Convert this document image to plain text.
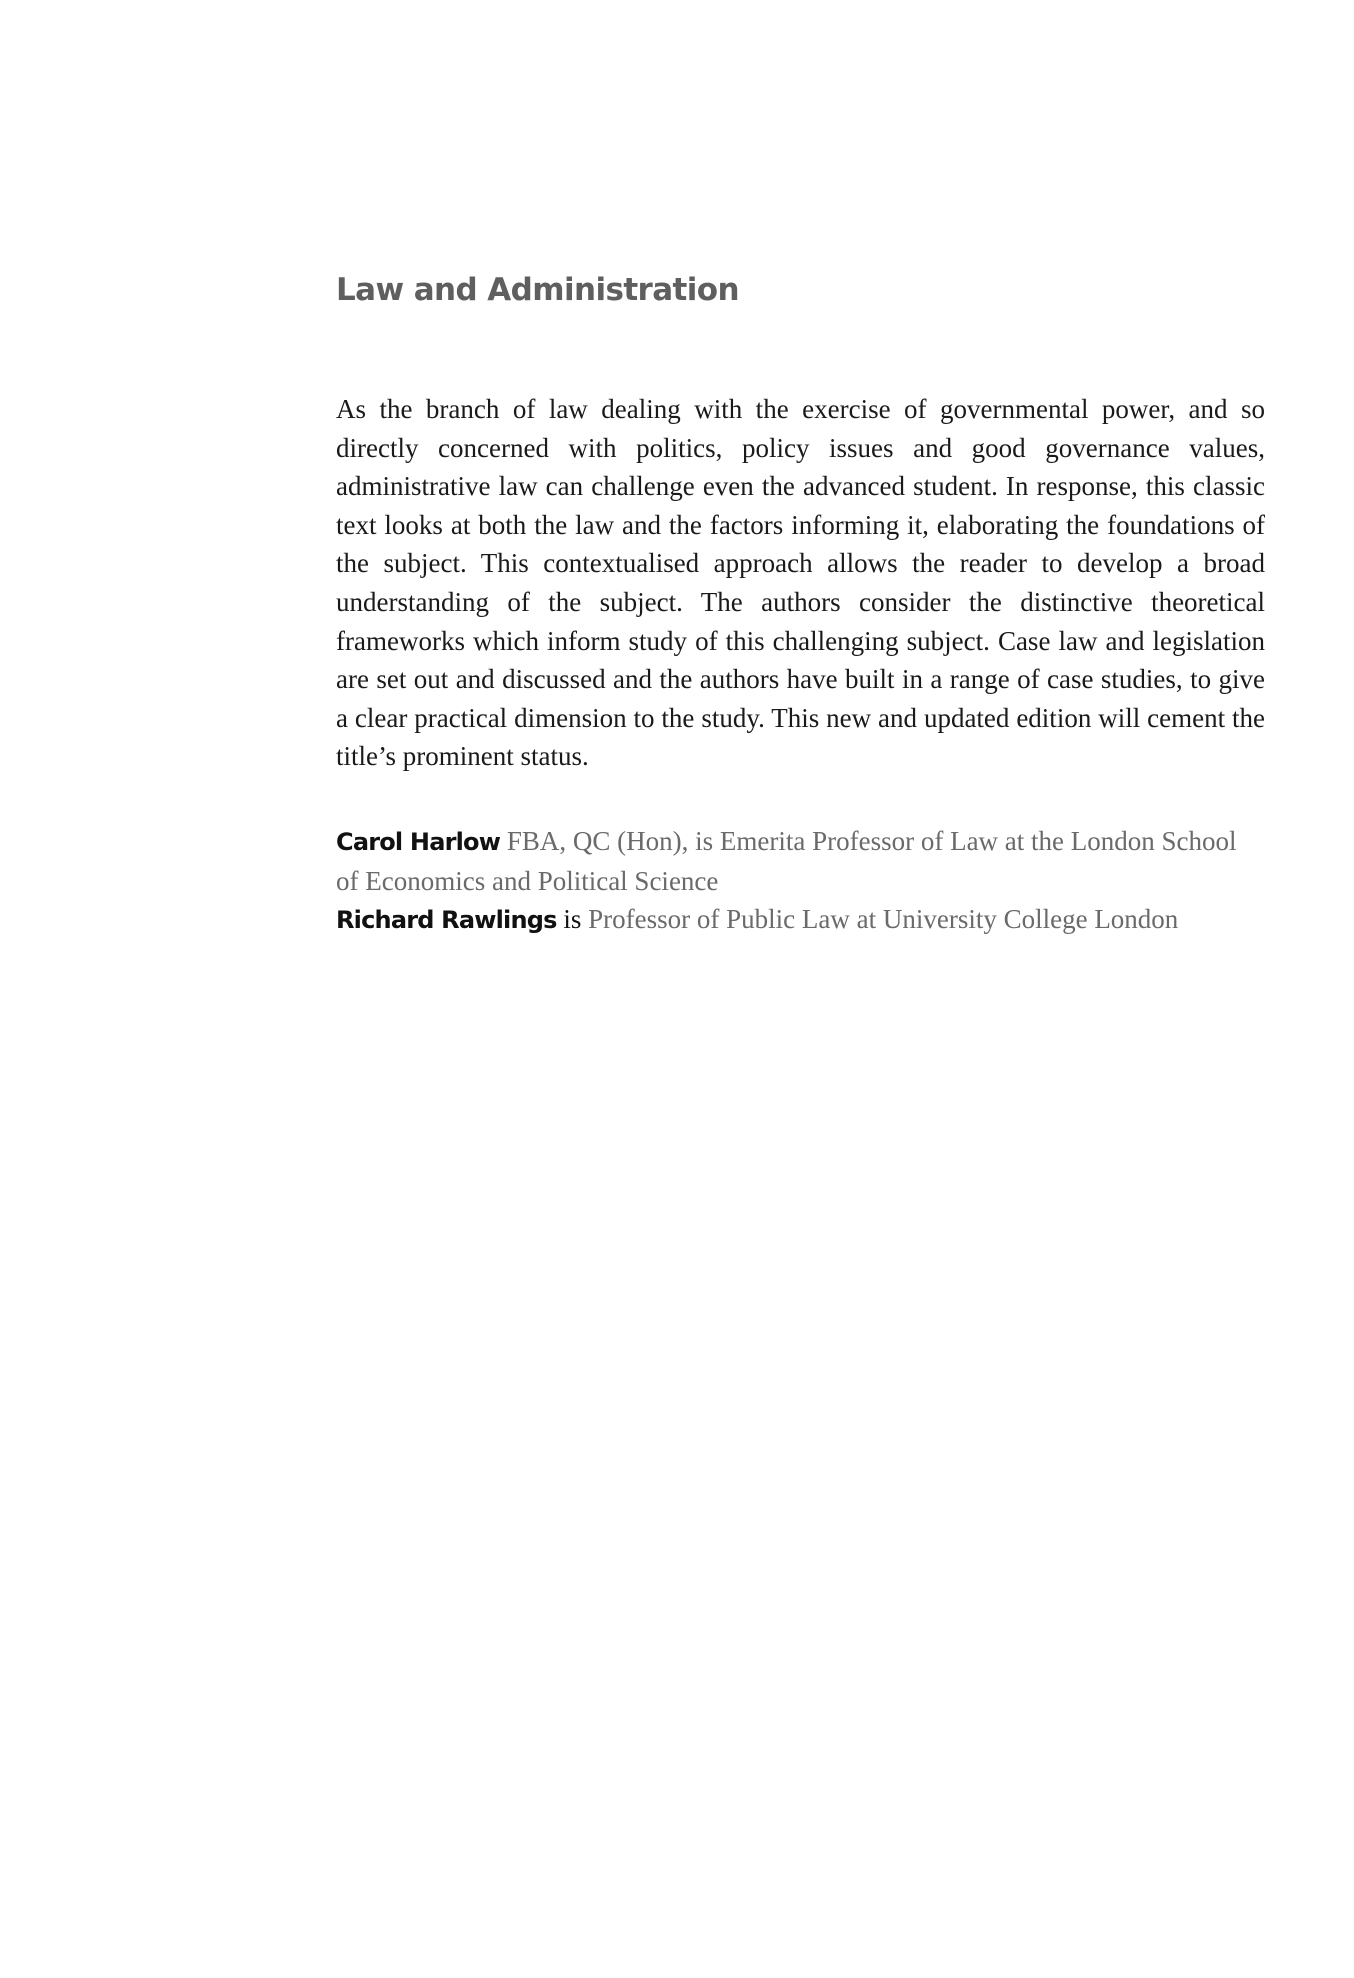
Law and Administration

As the branch of law dealing with the exercise of governmental power, and so directly concerned with politics, policy issues and good governance values, administrative law can challenge even the advanced student. In response, this classic text looks at both the law and the factors informing it, elaborating the foundations of the subject. This contextualised approach allows the reader to develop a broad understanding of the subject. The authors consider the distinctive theoretical frameworks which inform study of this challenging subject. Case law and legislation are set out and discussed and the authors have built in a range of case studies, to give a clear practical dimension to the study. This new and updated edition will cement the title’s prominent status.

Carol Harlow FBA, QC (Hon), is Emerita Professor of Law at the London School of Economics and Political Science

Richard Rawlings is Professor of Public Law at University College London
